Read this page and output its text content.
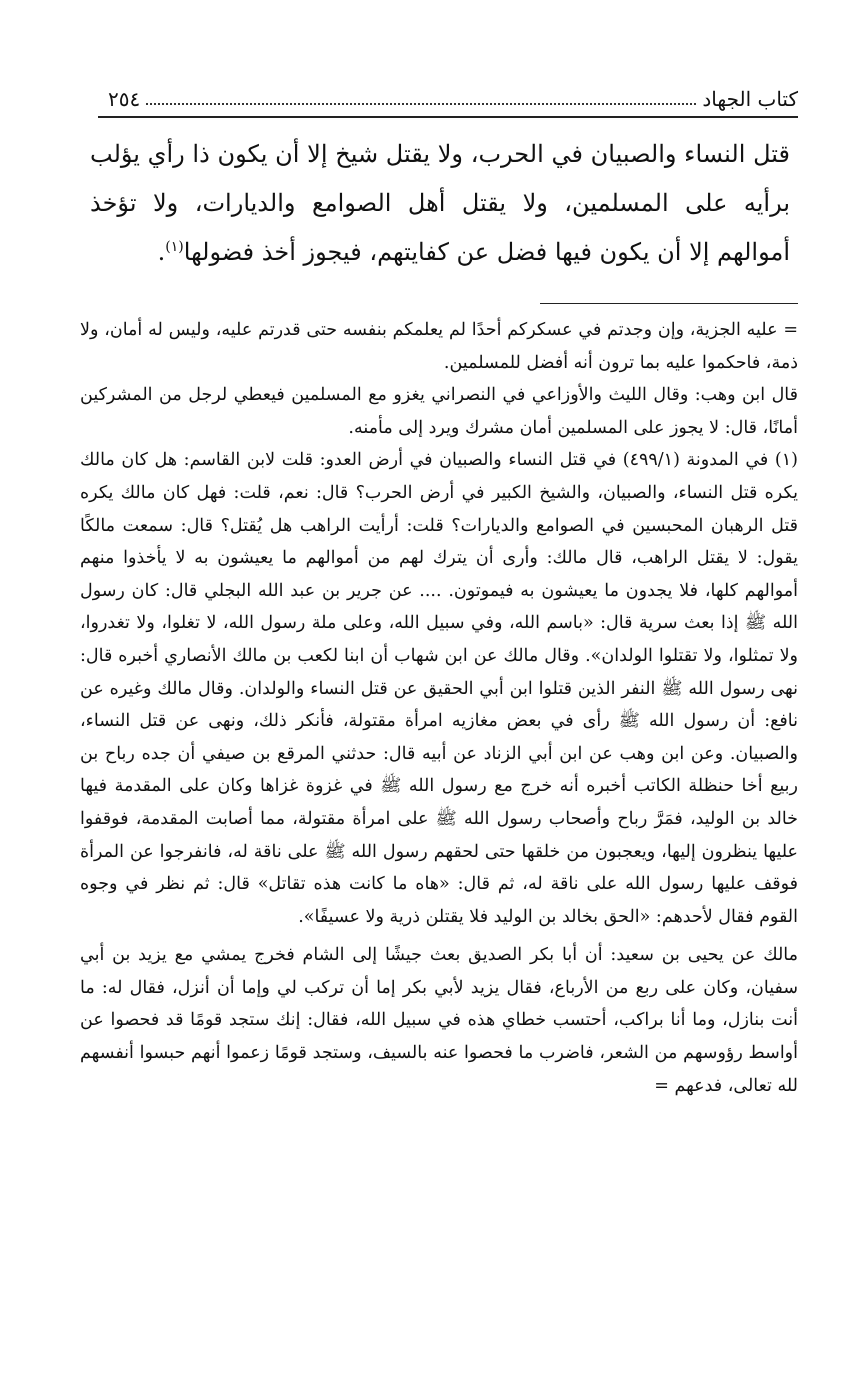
كتاب الجهاد
٢٥٤

قتل النساء والصبيان في الحرب، ولا يقتل شيخ إلا أن يكون ذا رأي يؤلب برأيه على المسلمين، ولا يقتل أهل الصوامع والديارات، ولا تؤخذ أموالهم إلا أن يكون فيها فضل عن كفايتهم، فيجوز أخذ فضولها$^{(١)}$.

= عليه الجزية، وإن وجدتم في عسكركم أحدًا لم يعلمكم بنفسه حتى قدرتم عليه، وليس له أمان، ولا ذمة، فاحكموا عليه بما ترون أنه أفضل للمسلمين.

قال ابن وهب: وقال الليث والأوزاعي في النصراني يغزو مع المسلمين فيعطي لرجل من المشركين أمانًا، قال: لا يجوز على المسلمين أمان مشرك ويرد إلى مأمنه.

(١) في المدونة (٤٩٩/١) في قتل النساء والصبيان في أرض العدو: قلت لابن القاسم: هل كان مالك يكره قتل النساء، والصبيان، والشيخ الكبير في أرض الحرب؟ قال: نعم، قلت: فهل كان مالك يكره قتل الرهبان المحبسين في الصوامع والديارات؟ قلت: أرأيت الراهب هل يُقتل؟ قال: سمعت مالكًا يقول: لا يقتل الراهب، قال مالك: وأرى أن يترك لهم من أموالهم ما يعيشون به لا يأخذوا منهم أموالهم كلها، فلا يجدون ما يعيشون به فيموتون. .... عن جرير بن عبد الله البجلي قال: كان رسول الله ﷺ إذا بعث سرية قال: «باسم الله، وفي سبيل الله، وعلى ملة رسول الله، لا تغلوا، ولا تغدروا، ولا تمثلوا، ولا تقتلوا الولدان». وقال مالك عن ابن شهاب أن ابنا لكعب بن مالك الأنصاري أخبره قال: نهى رسول الله ﷺ النفر الذين قتلوا ابن أبي الحقيق عن قتل النساء والولدان. وقال مالك وغيره عن نافع: أن رسول الله ﷺ رأى في بعض مغازيه امرأة مقتولة، فأنكر ذلك، ونهى عن قتل النساء، والصبيان. وعن ابن وهب عن ابن أبي الزناد عن أبيه قال: حدثني المرقع بن صيفي أن جده رباح بن ربيع أخا حنظلة الكاتب أخبره أنه خرج مع رسول الله ﷺ في غزوة غزاها وكان على المقدمة فيها خالد بن الوليد، فمَرَّ رباح وأصحاب رسول الله ﷺ على امرأة مقتولة، مما أصابت المقدمة، فوقفوا عليها ينظرون إليها، ويعجبون من خلقها حتى لحقهم رسول الله ﷺ على ناقة له، فانفرجوا عن المرأة فوقف عليها رسول الله على ناقة له، ثم قال: «هاه ما كانت هذه تقاتل» قال: ثم نظر في وجوه القوم فقال لأحدهم: «الحق بخالد بن الوليد فلا يقتلن ذرية ولا عسيفًا».

مالك عن يحيى بن سعيد: أن أبا بكر الصديق بعث جيشًا إلى الشام فخرج يمشي مع يزيد بن أبي سفيان، وكان على ربع من الأرباع، فقال يزيد لأبي بكر إما أن تركب لي وإما أن أنزل، فقال له: ما أنت بنازل، وما أنا براكب، أحتسب خطاي هذه في سبيل الله، فقال: إنك ستجد قومًا قد فحصوا عن أواسط رؤوسهم من الشعر، فاضرب ما فحصوا عنه بالسيف، وستجد قومًا زعموا أنهم حبسوا أنفسهم لله تعالى، فدعهم =
